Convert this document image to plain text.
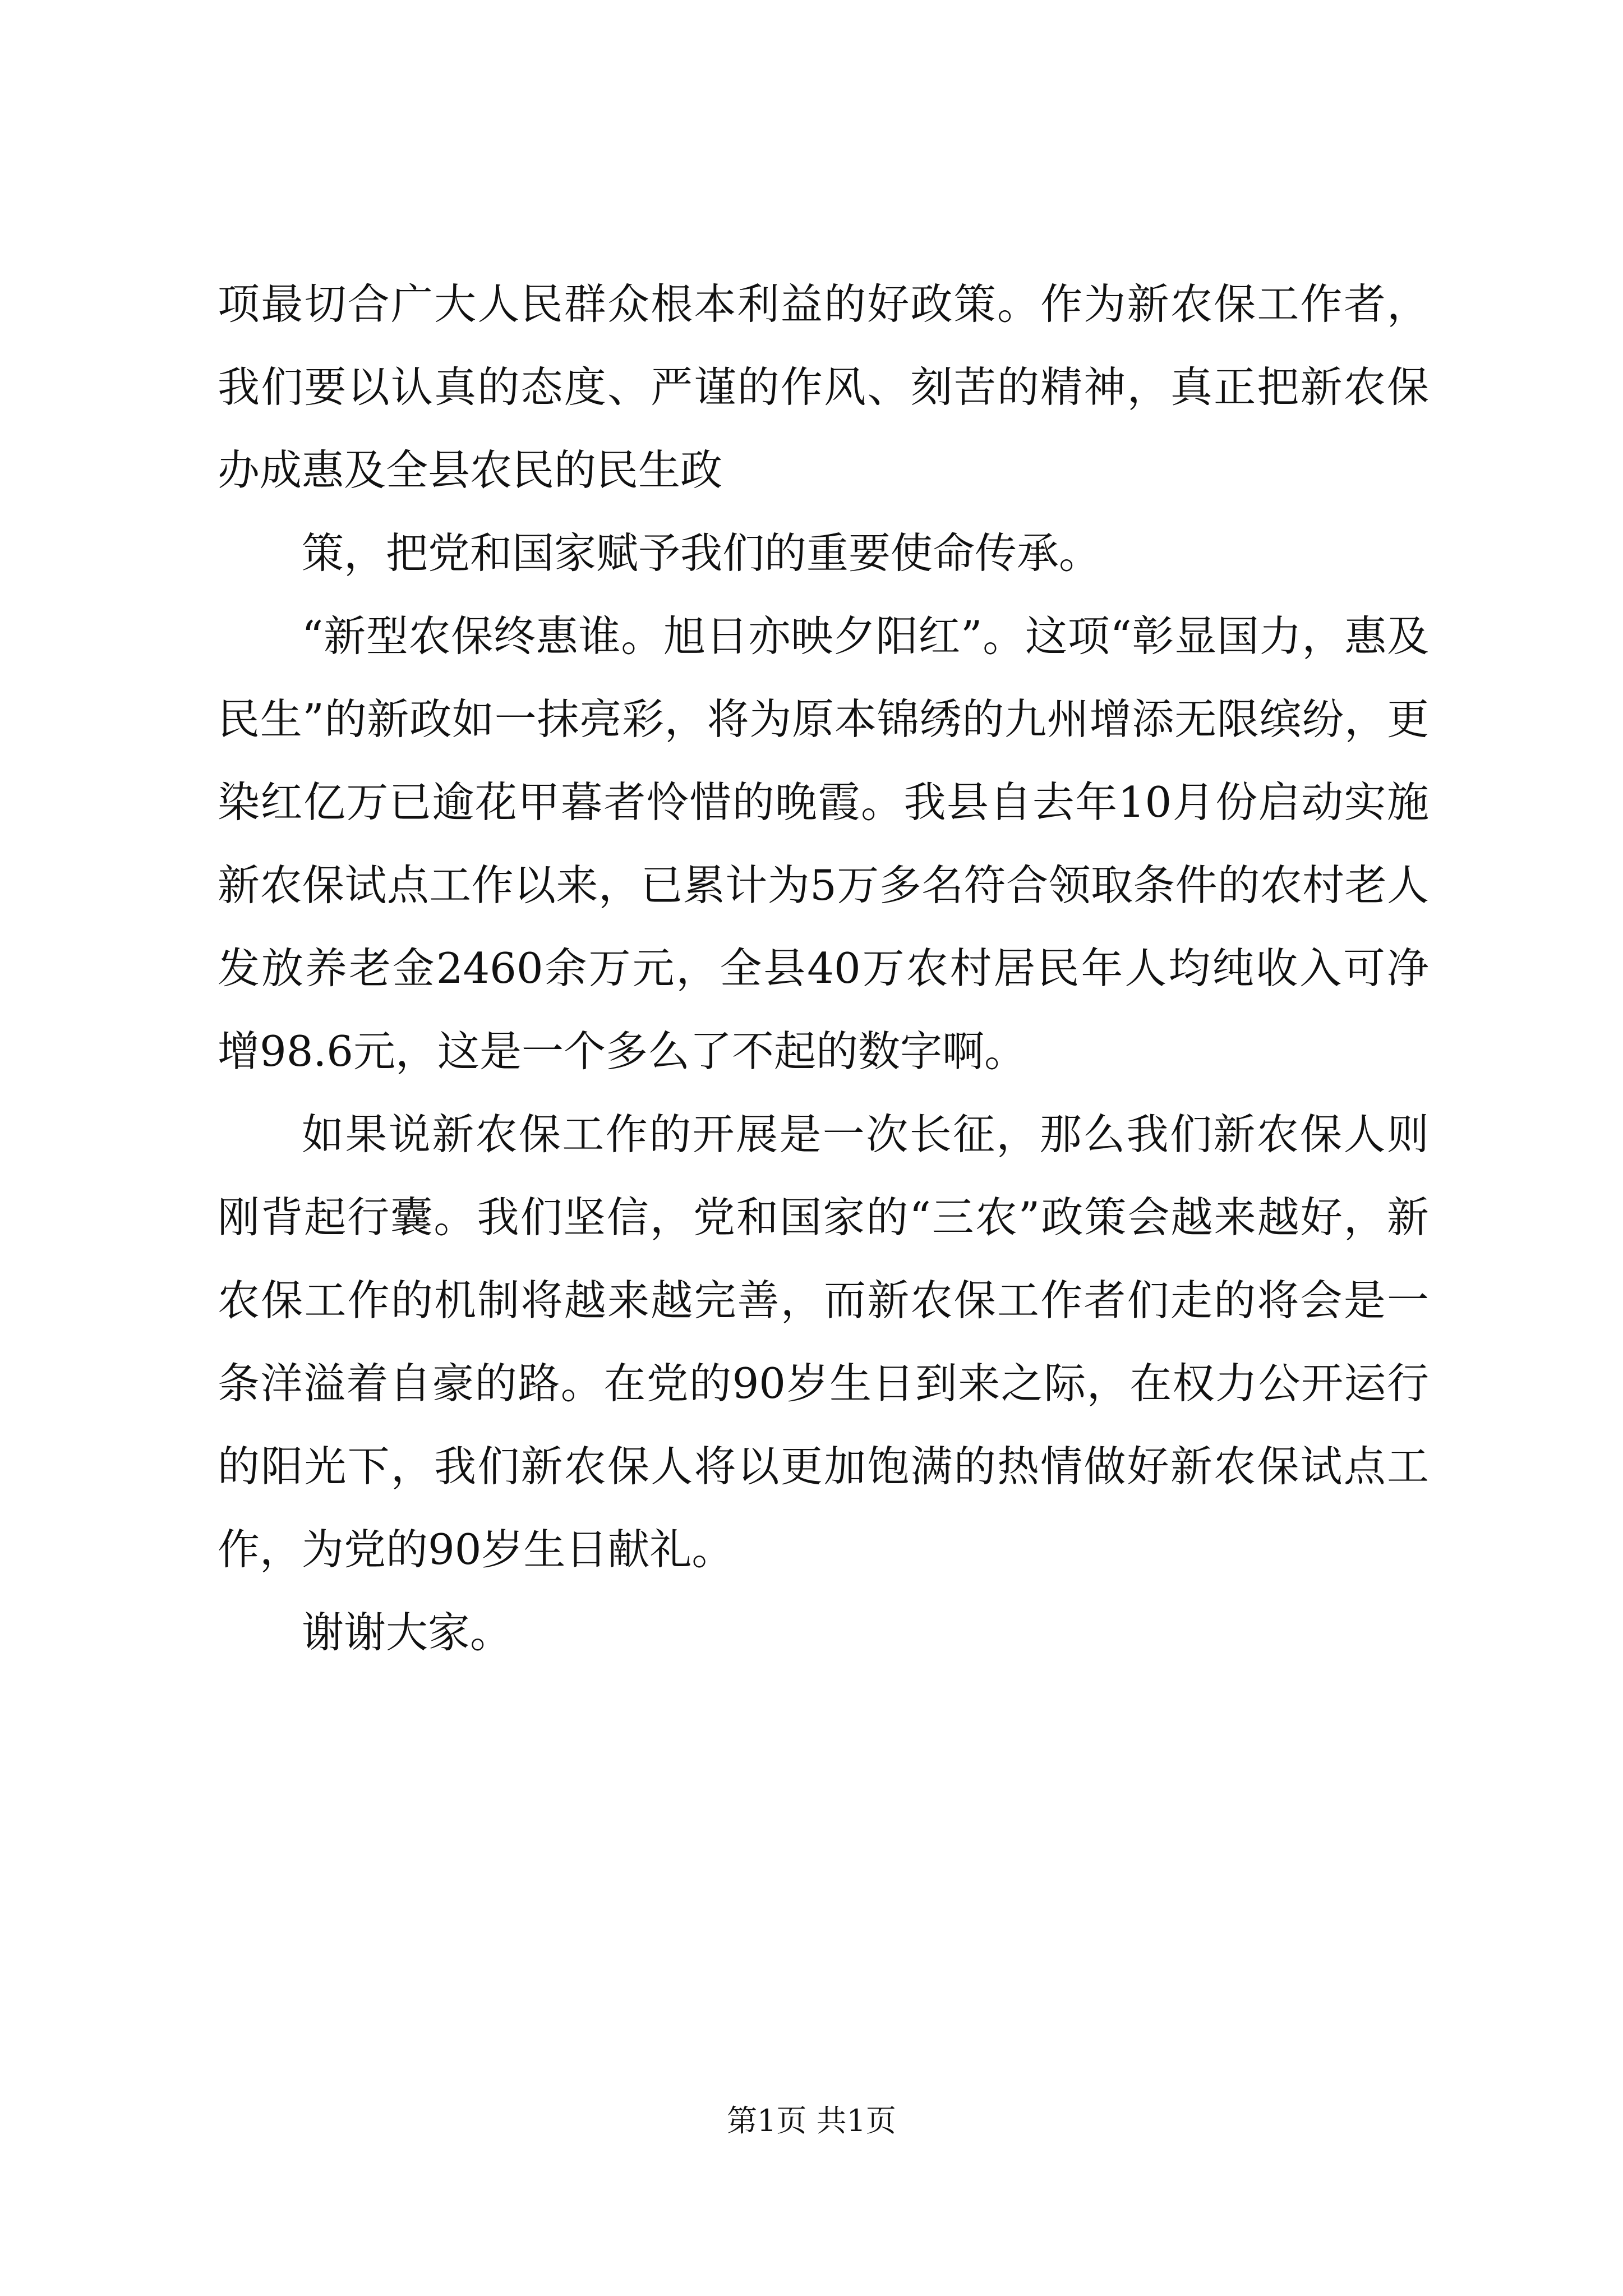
项最切合广大人民群众根本利益的好政策。作为新农保工作者，我们要以认真的态度、严谨的作风、刻苦的精神，真正把新农保办成惠及全县农民的民生政

策，把党和国家赋予我们的重要使命传承。

“新型农保终惠谁。旭日亦映夕阳红”。这项“彰显国力，惠及民生”的新政如一抹亮彩，将为原本锦绣的九州增添无限缤纷，更染红亿万已逾花甲暮者怜惜的晚霞。我县自去年10月份启动实施新农保试点工作以来，已累计为5万多名符合领取条件的农村老人发放养老金2460余万元，全县40万农村居民年人均纯收入可净增98.6元，这是一个多么了不起的数字啊。

如果说新农保工作的开展是一次长征，那么我们新农保人则刚背起行囊。我们坚信，党和国家的“三农”政策会越来越好，新农保工作的机制将越来越完善，而新农保工作者们走的将会是一条洋溢着自豪的路。在党的90岁生日到来之际，在权力公开运行的阳光下，我们新农保人将以更加饱满的热情做好新农保试点工作，为党的90岁生日献礼。

谢谢大家。

第1页 共1页
